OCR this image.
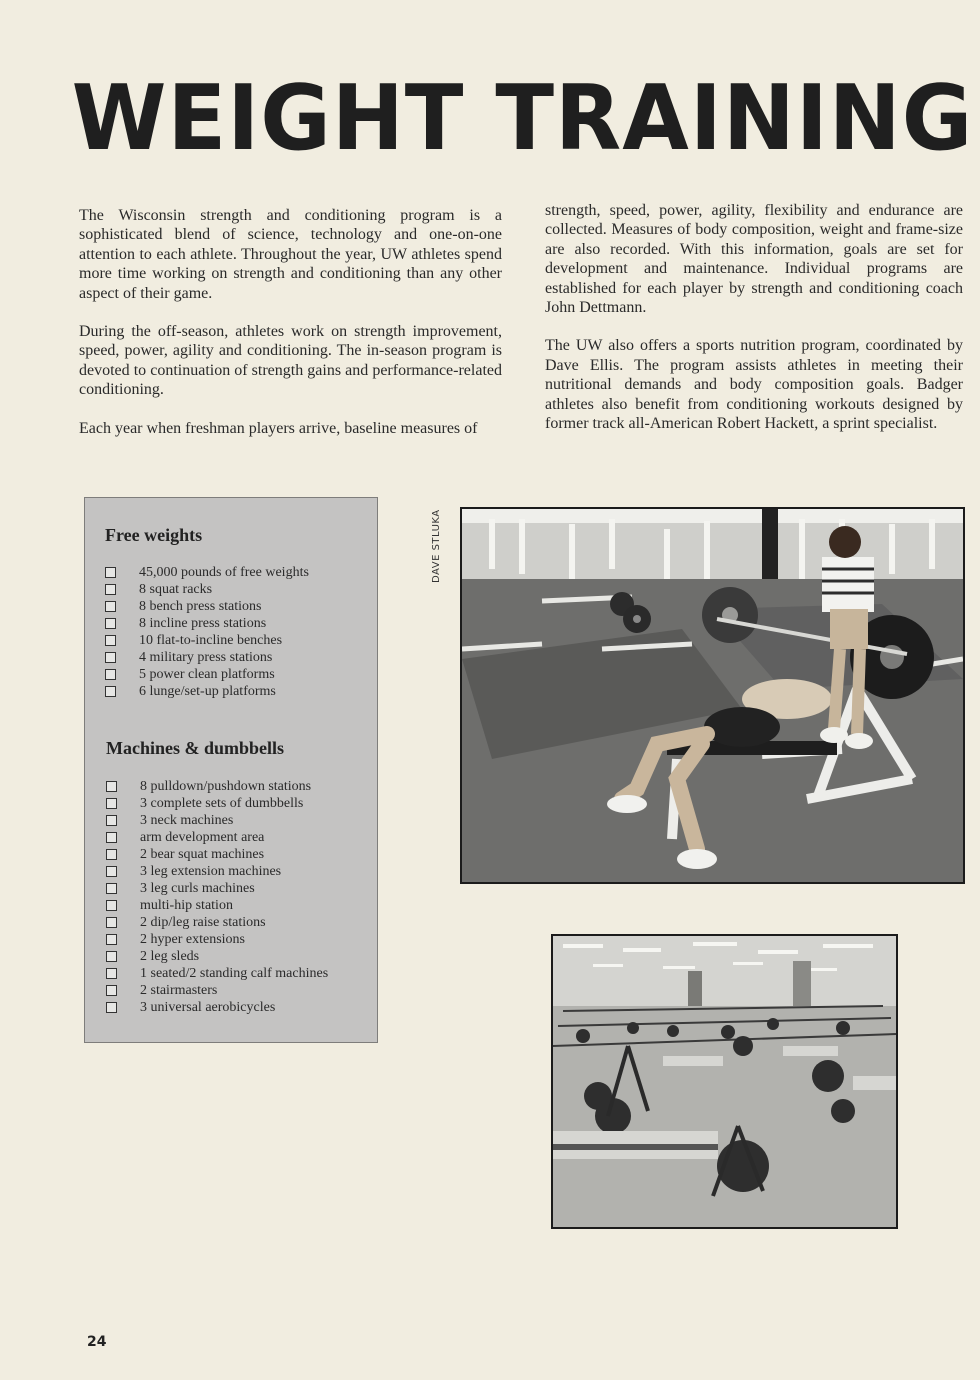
WEIGHT TRAINING

The Wisconsin strength and conditioning program is a sophisticated blend of science, technology and one-on-one attention to each athlete. Throughout the year, UW athletes spend more time working on strength and conditioning than any other aspect of their game.

During the off-season, athletes work on strength improvement, speed, power, agility and conditioning. The in-season program is devoted to continuation of strength gains and performance-related conditioning.

Each year when freshman players arrive, baseline measures of

strength, speed, power, agility, flexibility and endurance are collected. Measures of body composition, weight and frame-size are also recorded. With this information, goals are set for development and maintenance. Individual programs are established for each player by strength and conditioning coach John Dettmann.

The UW also offers a sports nutrition program, coordinated by Dave Ellis. The program assists athletes in meeting their nutritional demands and body composition goals. Badger athletes also benefit from conditioning workouts designed by former track all-American Robert Hackett, a sprint specialist.

Free weights
45,000 pounds of free weights
8 squat racks
8 bench press stations
8 incline press stations
10 flat-to-incline benches
4 military press stations
5 power clean platforms
6 lunge/set-up platforms
Machines & dumbbells
8 pulldown/pushdown stations
3 complete sets of dumbbells
3 neck machines
arm development area
2 bear squat machines
3 leg extension machines
3 leg curls machines
multi-hip station
2 dip/leg raise stations
2 hyper extensions
2 leg sleds
1 seated/2 standing calf machines
2 stairmasters
3 universal aerobicycles
DAVE STLUKA
24
